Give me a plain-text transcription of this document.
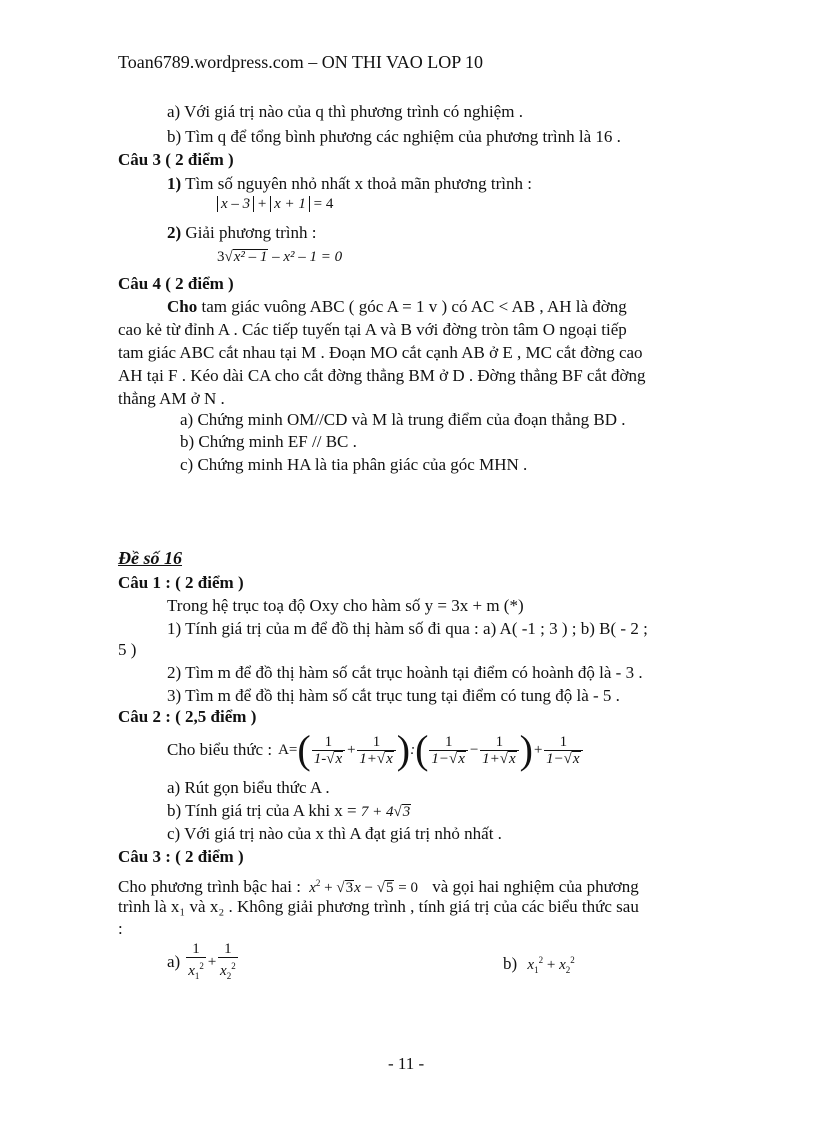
Toan6789.wordpress.com – ON THI VAO LOP 10
a) Với giá trị nào của q thì phương trình có nghiệm .
b) Tìm q để tổng bình phương các nghiệm của phương trình là 16 .
Câu 3 ( 2 điểm )
1) Tìm số nguyên nhỏ nhất x thoả mãn phương trình :
x – 3 + x + 1 = 4
2) Giải phương trình :
3√x² – 1 – x² – 1 = 0
Câu 4 ( 2 điểm )
Cho tam giác vuông ABC ( góc A = 1 v ) có AC < AB , AH là đờng
cao kẻ từ đỉnh A . Các tiếp tuyến tại A và B với đờng tròn tâm O ngoại tiếp
tam giác ABC cắt nhau tại M . Đoạn MO cắt cạnh AB ở E , MC cắt đờng cao
AH tại F . Kéo dài CA cho cắt đờng thẳng BM ở D . Đờng thẳng BF cắt đờng
thẳng AM ở N .
a) Chứng minh OM//CD và M là trung điểm của đoạn thẳng BD .
b) Chứng minh EF // BC .
c) Chứng minh HA là tia phân giác của góc MHN .
Đề số 16
Câu 1 : ( 2 điểm )
Trong hệ trục toạ độ Oxy cho hàm số y = 3x + m (*)
1) Tính giá trị của m để đồ thị hàm số đi qua : a) A( -1 ; 3 ) ; b) B( - 2 ;
5 )
2) Tìm m để đồ thị hàm số cắt trục hoành tại điểm có hoành độ là - 3 .
3) Tìm m để đồ thị hàm số cắt trục tung tại điểm có tung độ là - 5 .
Câu 2 : ( 2,5 điểm )
Cho biểu thức : A= ( $\frac{1}{1-√x} + \frac{1}{1+√x}$ ) : ( $\frac{1}{1-√x} - \frac{1}{1+√x}$ ) + $\frac{1}{1-√x}$
a) Rút gọn biểu thức A .
b) Tính giá trị của A khi x = 7 + 4√3
c) Với giá trị nào của x thì A đạt giá trị nhỏ nhất .
Câu 3 : ( 2 điểm )
Cho phương trình bậc hai : $x^2 + √3x - √5 = 0$ và gọi hai nghiệm của phương
trình là x₁ và x₂ . Không giải phương trình , tính giá trị của các biểu thức sau
:
$a) \frac{1}{x_1^2} + \frac{1}{x_2^2}$	b) $x_1^2 + x_2^2$
- 11 -
